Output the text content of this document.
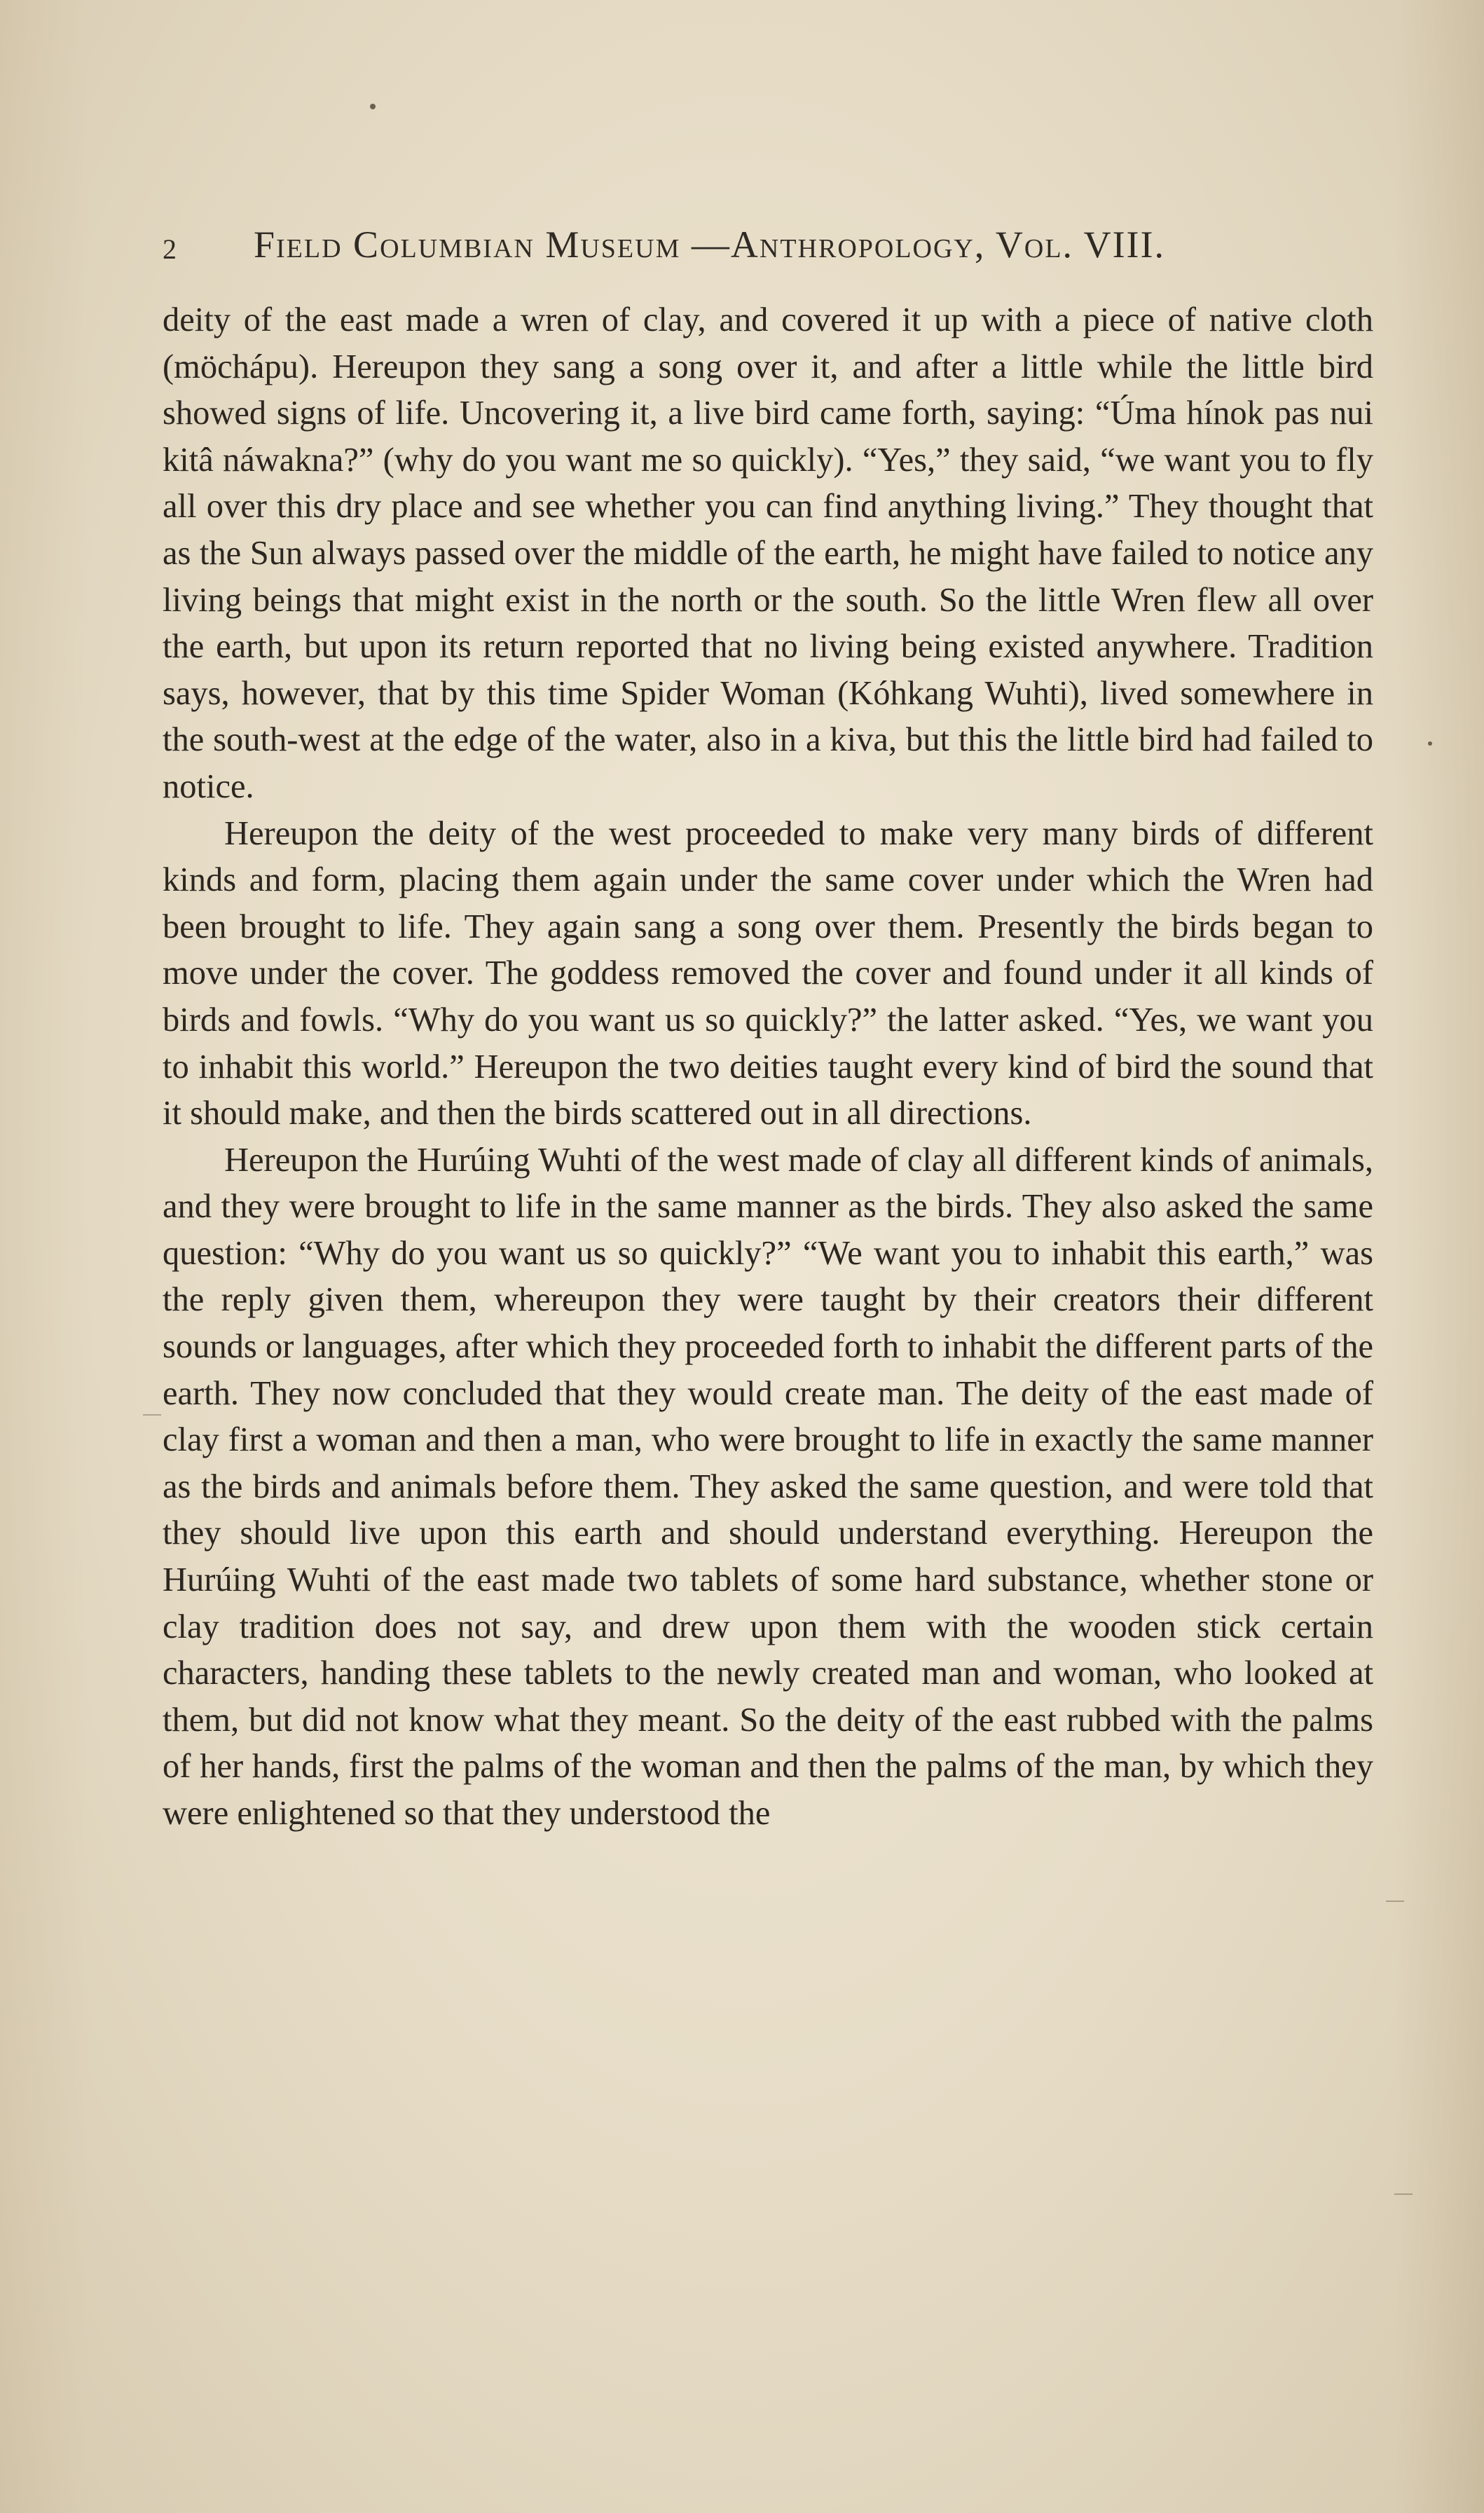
2 Field Columbian Museum —Anthropology, Vol. VIII.

deity of the east made a wren of clay, and covered it up with a piece of native cloth (möchápu). Hereupon they sang a song over it, and after a little while the little bird showed signs of life. Uncovering it, a live bird came forth, saying: “Úma hínok pas nui kitâ náwakna?” (why do you want me so quickly). “Yes,” they said, “we want you to fly all over this dry place and see whether you can find anything living.” They thought that as the Sun always passed over the middle of the earth, he might have failed to notice any living beings that might exist in the north or the south. So the little Wren flew all over the earth, but upon its return reported that no living being existed anywhere. Tradition says, however, that by this time Spider Woman (Kóhkang Wuhti), lived somewhere in the south-west at the edge of the water, also in a kiva, but this the little bird had failed to notice.

Hereupon the deity of the west proceeded to make very many birds of different kinds and form, placing them again under the same cover under which the Wren had been brought to life. They again sang a song over them. Presently the birds began to move under the cover. The goddess removed the cover and found under it all kinds of birds and fowls. “Why do you want us so quickly?” the latter asked. “Yes, we want you to inhabit this world.” Hereupon the two deities taught every kind of bird the sound that it should make, and then the birds scattered out in all directions.

Hereupon the Hurúing Wuhti of the west made of clay all different kinds of animals, and they were brought to life in the same manner as the birds. They also asked the same question: “Why do you want us so quickly?” “We want you to inhabit this earth,” was the reply given them, whereupon they were taught by their creators their different sounds or languages, after which they proceeded forth to inhabit the different parts of the earth. They now concluded that they would create man. The deity of the east made of clay first a woman and then a man, who were brought to life in exactly the same manner as the birds and animals before them. They asked the same question, and were told that they should live upon this earth and should understand everything. Hereupon the Hurúing Wuhti of the east made two tablets of some hard substance, whether stone or clay tradition does not say, and drew upon them with the wooden stick certain characters, handing these tablets to the newly created man and woman, who looked at them, but did not know what they meant. So the deity of the east rubbed with the palms of her hands, first the palms of the woman and then the palms of the man, by which they were enlightened so that they understood the
